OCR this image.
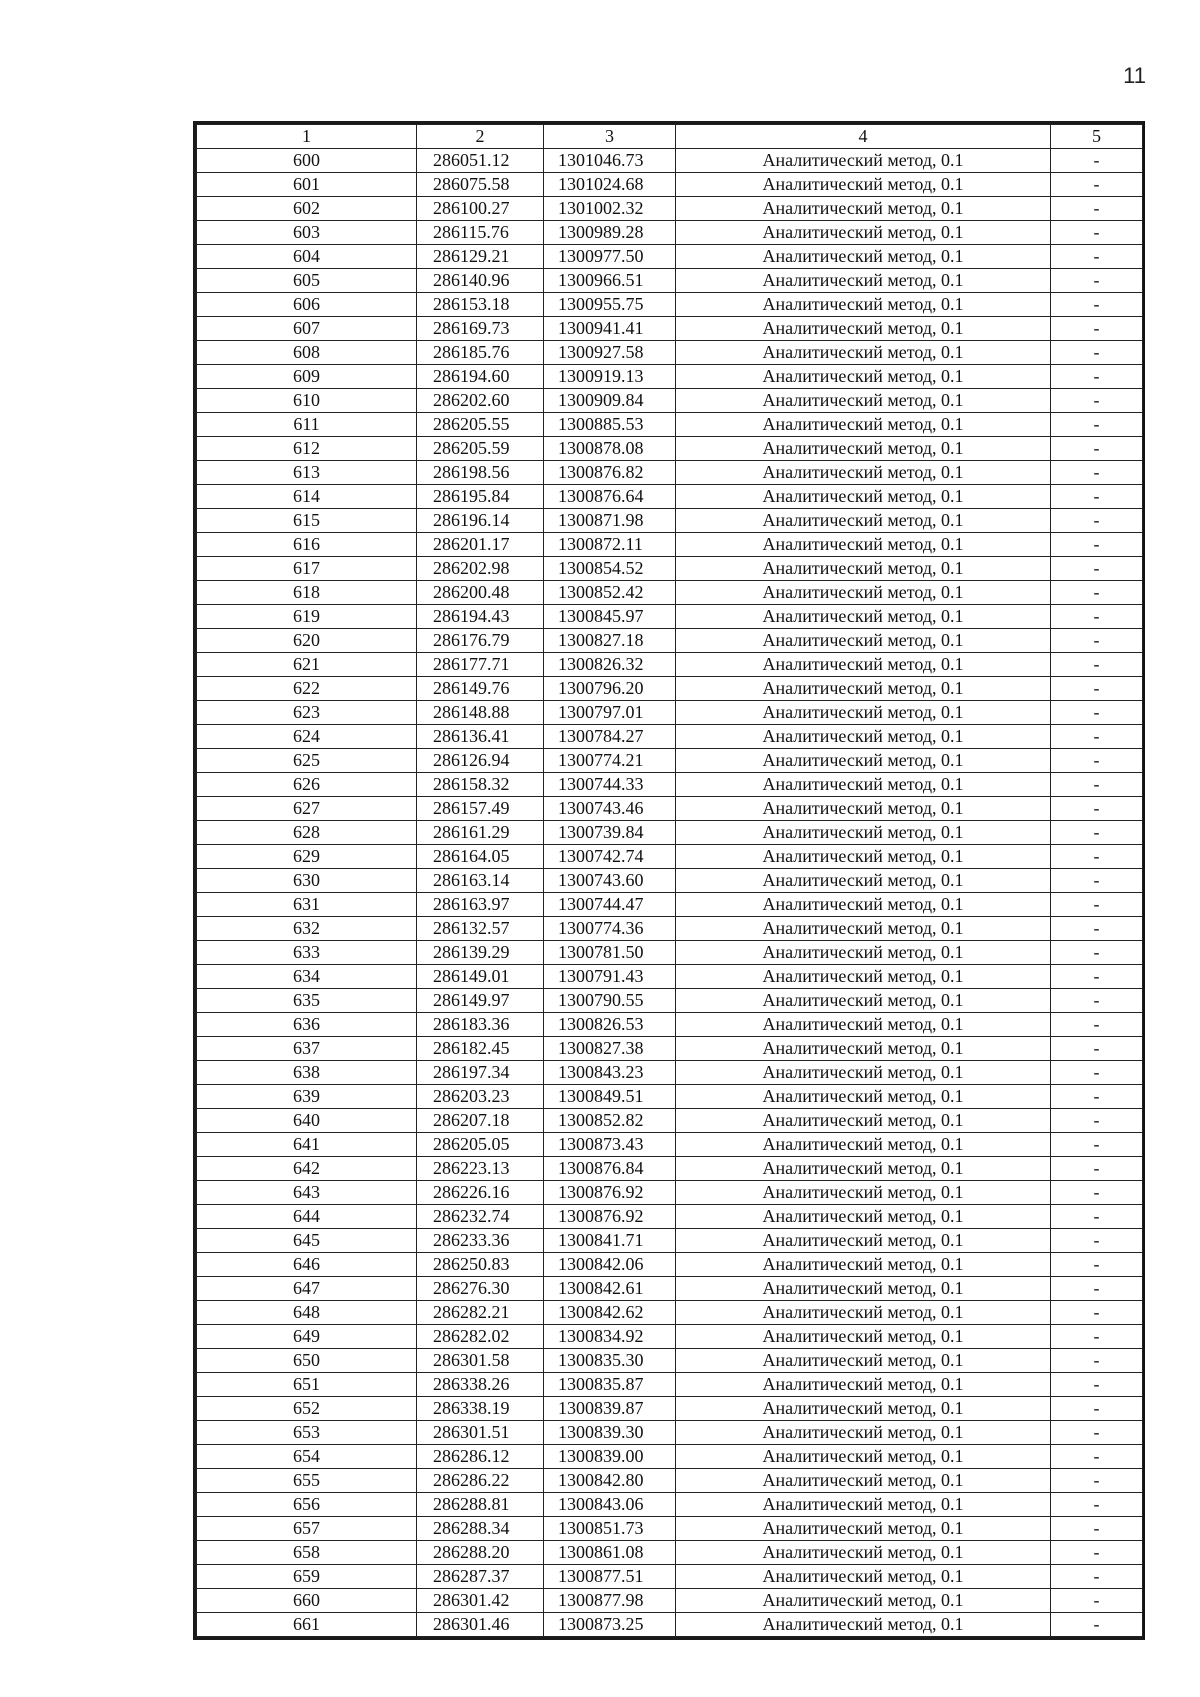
11
1	2	3	4	5
600	286051.12	1301046.73	Аналитический метод, 0.1	-
601	286075.58	1301024.68	Аналитический метод, 0.1	-
602	286100.27	1301002.32	Аналитический метод, 0.1	-
603	286115.76	1300989.28	Аналитический метод, 0.1	-
604	286129.21	1300977.50	Аналитический метод, 0.1	-
605	286140.96	1300966.51	Аналитический метод, 0.1	-
606	286153.18	1300955.75	Аналитический метод, 0.1	-
607	286169.73	1300941.41	Аналитический метод, 0.1	-
608	286185.76	1300927.58	Аналитический метод, 0.1	-
609	286194.60	1300919.13	Аналитический метод, 0.1	-
610	286202.60	1300909.84	Аналитический метод, 0.1	-
611	286205.55	1300885.53	Аналитический метод, 0.1	-
612	286205.59	1300878.08	Аналитический метод, 0.1	-
613	286198.56	1300876.82	Аналитический метод, 0.1	-
614	286195.84	1300876.64	Аналитический метод, 0.1	-
615	286196.14	1300871.98	Аналитический метод, 0.1	-
616	286201.17	1300872.11	Аналитический метод, 0.1	-
617	286202.98	1300854.52	Аналитический метод, 0.1	-
618	286200.48	1300852.42	Аналитический метод, 0.1	-
619	286194.43	1300845.97	Аналитический метод, 0.1	-
620	286176.79	1300827.18	Аналитический метод, 0.1	-
621	286177.71	1300826.32	Аналитический метод, 0.1	-
622	286149.76	1300796.20	Аналитический метод, 0.1	-
623	286148.88	1300797.01	Аналитический метод, 0.1	-
624	286136.41	1300784.27	Аналитический метод, 0.1	-
625	286126.94	1300774.21	Аналитический метод, 0.1	-
626	286158.32	1300744.33	Аналитический метод, 0.1	-
627	286157.49	1300743.46	Аналитический метод, 0.1	-
628	286161.29	1300739.84	Аналитический метод, 0.1	-
629	286164.05	1300742.74	Аналитический метод, 0.1	-
630	286163.14	1300743.60	Аналитический метод, 0.1	-
631	286163.97	1300744.47	Аналитический метод, 0.1	-
632	286132.57	1300774.36	Аналитический метод, 0.1	-
633	286139.29	1300781.50	Аналитический метод, 0.1	-
634	286149.01	1300791.43	Аналитический метод, 0.1	-
635	286149.97	1300790.55	Аналитический метод, 0.1	-
636	286183.36	1300826.53	Аналитический метод, 0.1	-
637	286182.45	1300827.38	Аналитический метод, 0.1	-
638	286197.34	1300843.23	Аналитический метод, 0.1	-
639	286203.23	1300849.51	Аналитический метод, 0.1	-
640	286207.18	1300852.82	Аналитический метод, 0.1	-
641	286205.05	1300873.43	Аналитический метод, 0.1	-
642	286223.13	1300876.84	Аналитический метод, 0.1	-
643	286226.16	1300876.92	Аналитический метод, 0.1	-
644	286232.74	1300876.92	Аналитический метод, 0.1	-
645	286233.36	1300841.71	Аналитический метод, 0.1	-
646	286250.83	1300842.06	Аналитический метод, 0.1	-
647	286276.30	1300842.61	Аналитический метод, 0.1	-
648	286282.21	1300842.62	Аналитический метод, 0.1	-
649	286282.02	1300834.92	Аналитический метод, 0.1	-
650	286301.58	1300835.30	Аналитический метод, 0.1	-
651	286338.26	1300835.87	Аналитический метод, 0.1	-
652	286338.19	1300839.87	Аналитический метод, 0.1	-
653	286301.51	1300839.30	Аналитический метод, 0.1	-
654	286286.12	1300839.00	Аналитический метод, 0.1	-
655	286286.22	1300842.80	Аналитический метод, 0.1	-
656	286288.81	1300843.06	Аналитический метод, 0.1	-
657	286288.34	1300851.73	Аналитический метод, 0.1	-
658	286288.20	1300861.08	Аналитический метод, 0.1	-
659	286287.37	1300877.51	Аналитический метод, 0.1	-
660	286301.42	1300877.98	Аналитический метод, 0.1	-
661	286301.46	1300873.25	Аналитический метод, 0.1	-
